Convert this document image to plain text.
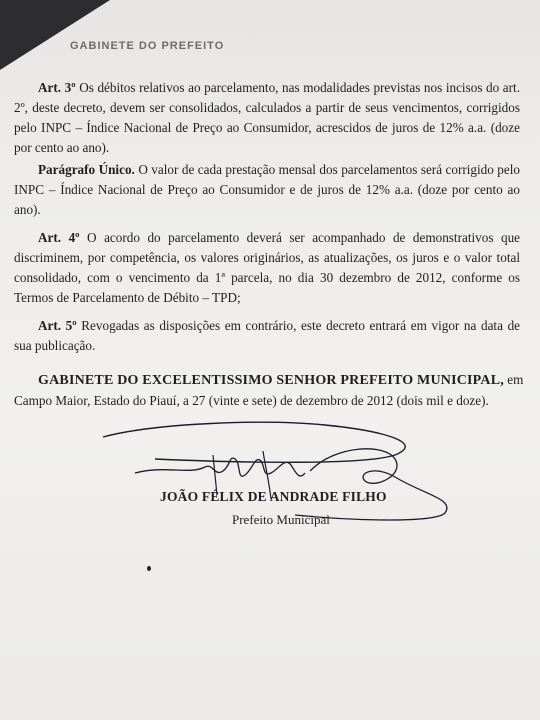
GABINETE DO PREFEITO

Art. 3º Os débitos relativos ao parcelamento, nas modalidades previstas nos incisos do art. 2º, deste decreto, devem ser consolidados, calculados a partir de seus vencimentos, corrigidos pelo INPC – Índice Nacional de Preço ao Consumidor, acrescidos de juros de 12% a.a. (doze por cento ao ano).

Parágrafo Único. O valor de cada prestação mensal dos parcelamentos será corrigido pelo INPC – Índice Nacional de Preço ao Consumidor e de juros de 12% a.a. (doze por cento ao ano).

Art. 4º O acordo do parcelamento deverá ser acompanhado de demonstrativos que discriminem, por competência, os valores originários, as atualizações, os juros e o valor total consolidado, com o vencimento da 1ª parcela, no dia 30 dezembro de 2012, conforme os Termos de Parcelamento de Débito – TPD;

Art. 5º Revogadas as disposições em contrário, este decreto entrará em vigor na data de sua publicação.

GABINETE DO EXCELENTISSIMO SENHOR PREFEITO MUNICIPAL, em Campo Maior, Estado do Piauí, a 27 (vinte e sete) de dezembro de 2012 (dois mil e doze).

JOÃO FÉLIX DE ANDRADE FILHO
Prefeito Municipal
